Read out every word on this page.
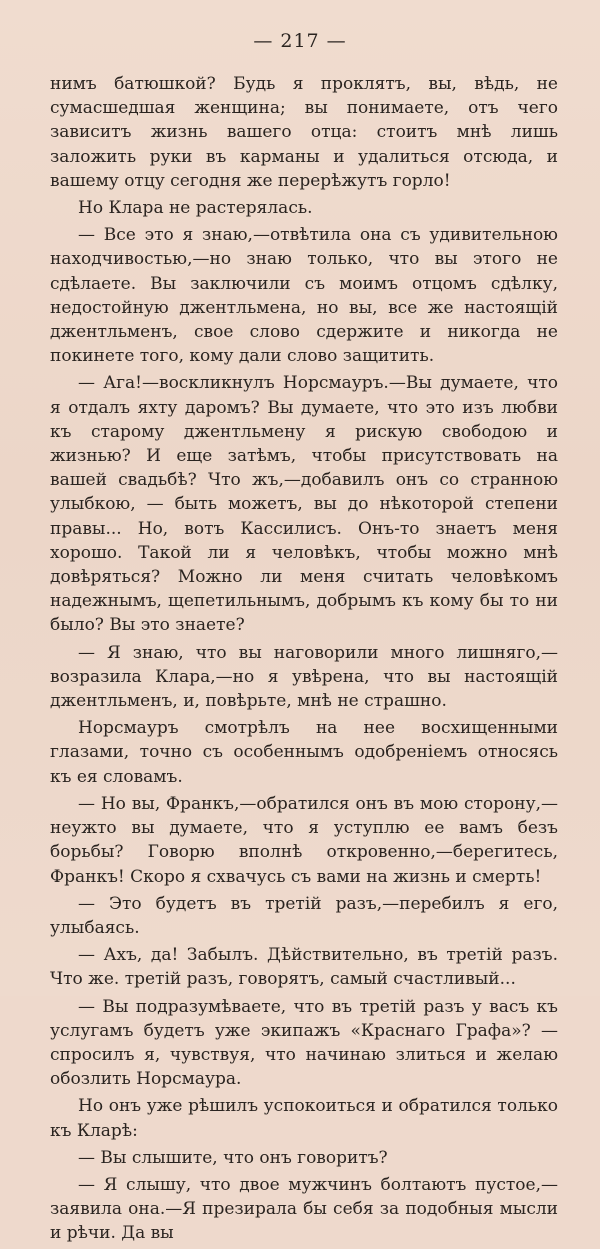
— 217 —

нимъ батюшкой? Будь я проклятъ, вы, вѣдь, не сумасшедшая женщина; вы понимаете, отъ чего зависитъ жизнь вашего отца: стоитъ мнѣ лишь заложить руки въ карманы и удалиться отсюда, и вашему отцу сегодня же перерѣжутъ горло!

Но Клара не растерялась.

— Все это я знаю,—отвѣтила она съ удивительною находчивостью,—но знаю только, что вы этого не сдѣлаете. Вы заключили съ моимъ отцомъ сдѣлку, недостойную джентльмена, но вы, все же настоящій джентльменъ, свое слово сдержите и никогда не покинете того, кому дали слово защитить.

— Ага!—воскликнулъ Норсмауръ.—Вы думаете, что я отдалъ яхту даромъ? Вы думаете, что это изъ любви къ старому джентльмену я рискую свободою и жизнью? И еще затѣмъ, чтобы присутствовать на вашей свадьбѣ? Что жъ,—добавилъ онъ со странною улыбкою, — быть можетъ, вы до нѣкоторой степени правы... Но, вотъ Кассилисъ. Онъ-то знаетъ меня хорошо. Такой ли я человѣкъ, чтобы можно мнѣ довѣряться? Можно ли меня считать человѣкомъ надежнымъ, щепетильнымъ, добрымъ къ кому бы то ни было? Вы это знаете?

— Я знаю, что вы наговорили много лишняго,—возразила Клара,—но я увѣрена, что вы настоящій джентльменъ, и, повѣрьте, мнѣ не страшно.

Норсмауръ смотрѣлъ на нее восхищенными глазами, точно съ особеннымъ одобреніемъ относясь къ ея словамъ.

— Но вы, Франкъ,—обратился онъ въ мою сторону,—неужто вы думаете, что я уступлю ее вамъ безъ борьбы? Говорю вполнѣ откровенно,—берегитесь, Франкъ! Скоро я схвачусь съ вами на жизнь и смерть!

— Это будетъ въ третій разъ,—перебилъ я его, улыбаясь.

— Ахъ, да! Забылъ. Дѣйствительно, въ третій разъ. Что же. третій разъ, говорятъ, самый счастливый...

— Вы подразумѣваете, что въ третій разъ у васъ къ услугамъ будетъ уже экипажъ «Краснаго Графа»? — спросилъ я, чувствуя, что начинаю злиться и желаю обозлить Норсмаура.

Но онъ уже рѣшилъ успокоиться и обратился только къ Кларѣ:

— Вы слышите, что онъ говоритъ?

— Я слышу, что двое мужчинъ болтаютъ пустое,—заявила она.—Я презирала бы себя за подобныя мысли и рѣчи. Да вы
